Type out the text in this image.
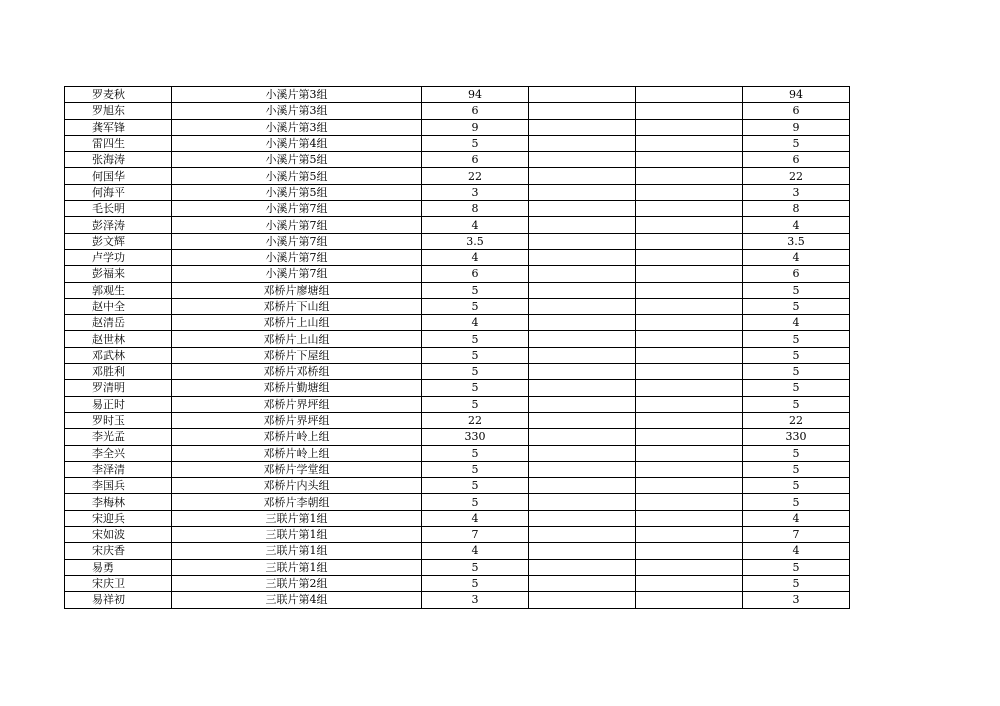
罗麦秋	小溪片第3组	94			94
罗旭东	小溪片第3组	6			6
龚军锋	小溪片第3组	9			9
雷四生	小溪片第4组	5			5
张海涛	小溪片第5组	6			6
何国华	小溪片第5组	22			22
何海平	小溪片第5组	3			3
毛长明	小溪片第7组	8			8
彭泽涛	小溪片第7组	4			4
彭文辉	小溪片第7组	3.5			3.5
卢学功	小溪片第7组	4			4
彭福来	小溪片第7组	6			6
郭观生	邓桥片廖塘组	5			5
赵中全	邓桥片下山组	5			5
赵清岳	邓桥片上山组	4			4
赵世林	邓桥片上山组	5			5
邓武林	邓桥片下屋组	5			5
邓胜利	邓桥片邓桥组	5			5
罗清明	邓桥片勤塘组	5			5
易正时	邓桥片界坪组	5			5
罗时玉	邓桥片界坪组	22			22
李光孟	邓桥片岭上组	330			330
李全兴	邓桥片岭上组	5			5
李泽清	邓桥片学堂组	5			5
李国兵	邓桥片内头组	5			5
李梅林	邓桥片李朝组	5			5
宋迎兵	三联片第1组	4			4
宋如波	三联片第1组	7			7
宋庆香	三联片第1组	4			4
易勇	三联片第1组	5			5
宋庆卫	三联片第2组	5			5
易祥初	三联片第4组	3			3
